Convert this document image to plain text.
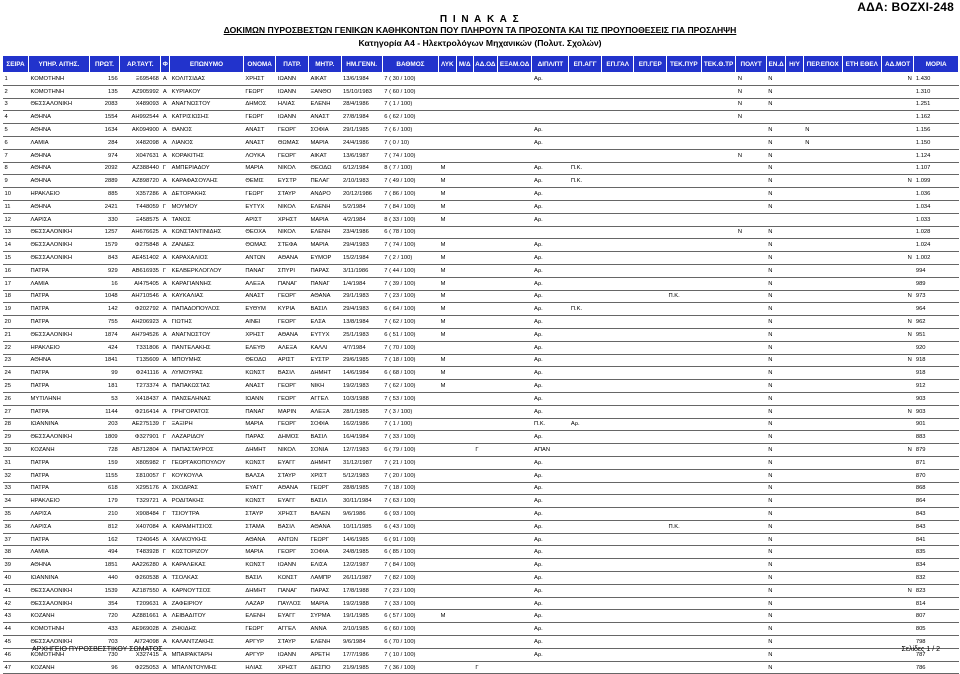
ΑΔΑ: ΒΟΖΧΙ-248
Π Ι Ν Α Κ Α Σ
ΔΟΚΙΜΩΝ ΠΥΡΟΣΒΕΣΤΩΝ ΓΕΝΙΚΩΝ ΚΑΘΗΚΟΝΤΩΝ ΠΟΥ ΠΛΗΡΟΥΝ ΤΑ ΠΡΟΣΟΝΤΑ ΚΑΙ ΤΙΣ ΠΡΟΥΠΟΘΕΣΕΙΣ ΓΙΑ ΠΡΟΣΛΗΨΗ
Κατηγορία Α4 - Ηλεκτρολόγων Μηχανικών (Πολυτ. Σχολών)
ΣΕΙΡΑ	ΥΠΗΡ. ΑΙΤΗΣ.	ΠΡΩΤ.	ΑΡ.ΤΑΥΤ.	Φ	ΕΠΩΝΥΜΟ	ΟΝΟΜΑ	ΠΑΤΡ.	ΜΗΤΡ.	ΗΜ.ΓΕΝΝ.	ΒΑΘΜΟΣ	ΛΥΚ	Μ/Δ	ΑΔ.ΟΔ	ΕΞΑΜ.ΟΔ	ΔΙΠΛ/ΠΤ	ΕΠ.ΑΓΓ	ΕΠ.ΓΑΛ	ΕΠ.ΓΕΡ	ΤΕΚ.ΠΥΡ	ΤΕΚ.Θ.ΤΡ	ΠΟΛΥΤ	ΕΝ.Δ	Η/Υ	ΠΕΡ.ΕΠΟΧ	ΕΤΗ ΕΘΕΛ	ΑΔ.ΜΟΤ	ΜΟΡΙΑ
1	ΚΟΜΟΤΗΝΗ	156	Ξ695468	Α	ΚΟΛΙΤΣΙΔΑΣ	ΧΡΗΣΤ	ΙΩΑΝΝ	ΑΙΚΑΤ	13/6/1984	7 ( 30 / 100)					Αρ.						Ν	Ν				Ν	1.430
2	ΚΟΜΟΤΗΝΗ	135	ΑΖ905992	Α	ΚΥΡΙΑΚΟΥ	ΓΕΩΡΓ	ΙΩΑΝΝ	ΞΑΝΘΟ	15/10/1983	7 ( 60 / 100)											Ν	Ν					1.310
3	ΘΕΣΣΑΛΟΝΙΚΗ	2083	Χ489093	Α	ΑΝΑΓΝΩΣΤΟΥ	ΔΗΜΟΣ	ΗΛΙΑΣ	ΕΛΕΝΗ	28/4/1986	7 ( 1 / 100)											Ν	Ν					1.251
4	ΑΘΗΝΑ	1554	ΑΗ992544	Α	ΚΑΤΡΙΣΙΩΣΗΣ	ΓΕΩΡΓ	ΙΩΑΝΝ	ΑΝΑΣΤ	27/8/1984	6 ( 62 / 100)											Ν						1.162
5	ΑΘΗΝΑ	1634	ΑΚ094900	Α	ΘΑΝΟΣ	ΑΝΑΣΤ	ΓΕΩΡΓ	ΣΟΦΙΑ	29/1/1985	7 ( 6 / 100)					Αρ.							Ν		Ν			1.156
6	ΛΑΜΙΑ	284	Χ482098	Α	ΛΙΑΝΟΣ	ΑΝΑΣΤ	ΘΩΜΑΣ	ΜΑΡΙΑ	24/4/1986	7 ( 0 / 10)					Αρ.							Ν		Ν			1.150
7	ΑΘΗΝΑ	974	Χ047631	Α	ΚΟΡΑΚΙΤΗΣ	ΛΟΥΚΑ	ΓΕΩΡΓ	ΑΙΚΑΤ	13/6/1987	7 ( 74 / 100)											Ν	Ν					1.124
8	ΑΘΗΝΑ	2092	ΑΖ388440	Γ	ΑΜΠΕΡΙΑΔΟΥ	ΜΑΡΙΑ	ΝΙΚΟΛ	ΘΕΟΔΩ	6/12/1984	8 ( 7 / 100)	Μ				Αρ.	Π.Κ.						Ν					1.107
9	ΑΘΗΝΑ	2889	ΑΖ898720	Α	ΚΑΡΑΦΑΣΟΥΛΗΣ	ΘΕΜΙΣ	ΕΥΣΤΡ	ΠΕΛΑΓ	2/10/1983	7 ( 49 / 100)	Μ				Αρ.	Π.Κ.						Ν				Ν	1.099
10	ΗΡΑΚΛΕΙΟ	885	Χ357286	Α	ΔΕΤΟΡΑΚΗΣ	ΓΕΩΡΓ	ΣΤΑΥΡ	ΑΝΔΡΟ	20/12/1986	7 ( 86 / 100)	Μ				Αρ.							Ν					1.036
11	ΑΘΗΝΑ	2421	Τ448059	Γ	ΜΟΥΜΟΥ	ΕΥΤΥΧ	ΝΙΚΟΛ	ΕΛΕΝΗ	5/2/1984	7 ( 84 / 100)	Μ				Αρ.							Ν					1.034
12	ΛΑΡΙΣΑ	330	Ξ458575	Α	ΤΑΝΟΣ	ΑΡΙΣΤ	ΧΡΗΣΤ	ΜΑΡΙΑ	4/2/1984	8 ( 33 / 100)	Μ				Αρ.												1.033
13	ΘΕΣΣΑΛΟΝΙΚΗ	1257	ΑΗ676625	Α	ΚΩΝΣΤΑΝΤΙΝΙΔΗΣ	ΘΕΟΧΑ	ΝΙΚΟΛ	ΕΛΕΝΗ	23/4/1986	6 ( 78 / 100)											Ν	Ν					1.028
14	ΘΕΣΣΑΛΟΝΙΚΗ	1579	Φ275848	Α	ΖΑΝΔΕΣ	ΘΩΜΑΣ	ΣΤΕΦΑ	ΜΑΡΙΑ	29/4/1983	7 ( 74 / 100)	Μ				Αρ.							Ν					1.024
15	ΘΕΣΣΑΛΟΝΙΚΗ	843	ΑΕ451402	Α	ΚΑΡΑΧΑΛΙΟΣ	ΑΝΤΩΝ	ΑΘΑΝΑ	ΕΥΜΟΡ	15/2/1984	7 ( 2 / 100)	Μ				Αρ.							Ν				Ν	1.002
16	ΠΑΤΡΑ	929	ΑΒ616935	Γ	ΚΕΛΒΕΡΚΛΟΓΛΟΥ	ΠΑΝΑΓ	ΣΠΥΡΙ	ΠΑΡΑΣ	3/11/1986	7 ( 44 / 100)	Μ				Αρ.							Ν					994
17	ΛΑΜΙΑ	16	ΑΙ475405	Α	ΚΑΡΑΓΙΑΝΝΗΣ	ΑΛΕΞΑ	ΠΑΝΑΓ	ΠΑΝΑΓ	1/4/1984	7 ( 39 / 100)	Μ				Αρ.							Ν					989
18	ΠΑΤΡΑ	1048	ΑΗ710546	Α	ΚΑΥΚΑΛΙΑΣ	ΑΝΑΣΤ	ΓΕΩΡΓ	ΑΘΑΝΑ	29/1/1983	7 ( 23 / 100)	Μ				Αρ.				Π.Κ.			Ν				Ν	973
19	ΠΑΤΡΑ	142	Φ202792	Α	ΠΑΠΑΔΟΠΟΥΛΟΣ	ΕΥΘΥΜ	ΚΥΡΙΑ	ΒΑΣΙΛ	29/4/1983	6 ( 64 / 100)	Μ				Αρ.	Π.Κ.						Ν					964
20	ΠΑΤΡΑ	755	ΑΗ206923	Α	ΓΙΩΤΗΣ	ΑΙΝΕΙ	ΓΕΩΡΓ	ΕΛΣΑ	13/8/1984	7 ( 62 / 100)	Μ				Αρ.							Ν				Ν	962
21	ΘΕΣΣΑΛΟΝΙΚΗ	1874	ΑΗ794526	Α	ΑΝΑΓΝΩΣΤΟΥ	ΧΡΗΣΤ	ΑΘΑΝΑ	ΕΥΤΥΧ	25/1/1983	6 ( 51 / 100)	Μ				Αρ.							Ν				Ν	951
22	ΗΡΑΚΛΕΙΟ	424	Τ331806	Α	ΠΑΝΤΕΛΑΚΗΣ	ΕΛΕΥΘ	ΑΛΕΞΑ	ΚΑΛΛΙ	4/7/1984	7 ( 70 / 100)					Αρ.							Ν					920
23	ΑΘΗΝΑ	1841	Τ135609	Α	ΜΠΟΥΜΗΣ	ΘΕΟΔΩ	ΑΡΙΣΤ	ΕΥΣΤΡ	29/6/1985	7 ( 18 / 100)	Μ				Αρ.							Ν				Ν	918
24	ΠΑΤΡΑ	99	Φ241116	Α	ΛΥΜΟΥΡΑΣ	ΚΩΝΣΤ	ΒΑΣΙΛ	ΔΗΜΗΤ	14/6/1984	6 ( 68 / 100)	Μ				Αρ.							Ν					918
25	ΠΑΤΡΑ	181	Τ273374	Α	ΠΑΠΑΚΩΣΤΑΣ	ΑΝΑΣΤ	ΓΕΩΡΓ	ΝΙΚΗ	19/2/1983	7 ( 62 / 100)	Μ				Αρ.							Ν					912
26	ΜΥΤΙΛΗΝΗ	53	Χ418437	Α	ΠΑΝΣΕΛΗΝΑΣ	ΙΩΑΝΝ	ΓΕΩΡΓ	ΑΓΓΕΛ	10/3/1988	7 ( 53 / 100)					Αρ.							Ν					903
27	ΠΑΤΡΑ	1144	Φ216414	Α	ΓΡΗΓΟΡΑΤΟΣ	ΠΑΝΑΓ	ΜΑΡΙΝ	ΑΛΕΞΑ	28/1/1985	7 ( 3 / 100)					Αρ.							Ν				Ν	903
28	ΙΩΑΝΝΙΝΑ	203	ΑΕ275139	Γ	ΞΑΞΙΡΗ	ΜΑΡΙΑ	ΓΕΩΡΓ	ΣΟΦΙΑ	16/2/1986	7 ( 1 / 100)					Π.Κ.	Αρ.						Ν					901
29	ΘΕΣΣΑΛΟΝΙΚΗ	1809	Φ327901	Γ	ΛΑΖΑΡΙΔΟΥ	ΠΑΡΑΣ	ΔΗΜΟΣ	ΒΑΣΙΛ	16/4/1984	7 ( 33 / 100)					Αρ.							Ν					883
30	ΚΟΖΑΝΗ	728	ΑΒ712804	Α	ΠΑΠΑΣΤΑΥΡΟΣ	ΔΗΜΗΤ	ΝΙΚΟΛ	ΣΟΝΙΑ	12/7/1983	6 ( 79 / 100)			Γ		ΑΠΑΝ							Ν				Ν	879
31	ΠΑΤΡΑ	159	Χ805982	Γ	ΓΕΩΡΓΑΚΟΠΟΥΛΟΥ	ΚΩΝΣΤ	ΕΥΑΓΓ	ΔΗΜΗΤ	31/12/1987	7 ( 21 / 100)					Αρ.							Ν					871
32	ΠΑΤΡΑ	1155	Σ810057	Γ	ΚΟΥΚΟΥΛΑ	ΒΑΛΣΑ	ΣΤΑΥΡ	ΧΡΙΣΤ	5/12/1983	7 ( 20 / 100)					Αρ.							Ν					870
33	ΠΑΤΡΑ	618	Χ295176	Α	ΣΚΟΔΡΑΣ	ΕΥΑΓΓ	ΑΘΑΝΑ	ΓΕΩΡΓ	28/8/1985	7 ( 18 / 100)					Αρ.							Ν					868
34	ΗΡΑΚΛΕΙΟ	179	Τ329721	Α	ΡΟΔΙΤΑΚΗΣ	ΚΩΝΣΤ	ΕΥΑΓΓ	ΒΑΣΙΛ	30/11/1984	7 ( 63 / 100)					Αρ.							Ν					864
35	ΛΑΡΙΣΑ	210	Χ908484	Γ	ΤΣΙΟΥΤΡΑ	ΣΤΑΥΡ	ΧΡΗΣΤ	ΒΑΛΕΝ	9/6/1986	6 ( 93 / 100)					Αρ.							Ν					843
36	ΛΑΡΙΣΑ	812	Χ407084	Α	ΚΑΡΑΜΗΤΣΙΟΣ	ΣΤΑΜΑ	ΒΑΣΙΛ	ΑΘΑΝΑ	10/11/1985	6 ( 43 / 100)					Αρ.				Π.Κ.			Ν					843
37	ΠΑΤΡΑ	162	Τ240645	Α	ΧΑΛΚΟΥΚΗΣ	ΑΘΑΝΑ	ΑΝΤΩΝ	ΓΕΩΡΓ	14/6/1985	6 ( 91 / 100)					Αρ.							Ν					841
38	ΛΑΜΙΑ	494	Τ483928	Γ	ΚΩΣΤΟΡΙΖΟΥ	ΜΑΡΙΑ	ΓΕΩΡΓ	ΣΟΦΙΑ	24/8/1985	6 ( 85 / 100)					Αρ.							Ν					835
39	ΑΘΗΝΑ	1851	ΑΑ226280	Α	ΚΑΡΑΛΕΚΑΣ	ΚΩΝΣΤ	ΙΩΑΝΝ	ΕΛΙΣΑ	12/2/1987	7 ( 84 / 100)					Αρ.							Ν					834
40	ΙΩΑΝΝΙΝΑ	440	Φ260538	Α	ΤΣΟΛΚΑΣ	ΒΑΣΙΛ	ΚΩΝΣΤ	ΛΑΜΠΡ	26/11/1987	7 ( 82 / 100)					Αρ.							Ν					832
41	ΘΕΣΣΑΛΟΝΙΚΗ	1539	ΑΖ187550	Α	ΚΑΡΝΟΥΤΣΟΣ	ΔΗΜΗΤ	ΠΑΝΑΓ	ΠΑΡΑΣ	17/8/1988	7 ( 23 / 100)					Αρ.							Ν				Ν	823
42	ΘΕΣΣΑΛΟΝΙΚΗ	354	Τ209631	Α	ΖΑΦΕΙΡΙΟΥ	ΛΑΖΑΡ	ΠΑΥΛΟΣ	ΜΑΡΙΑ	19/2/1988	7 ( 33 / 100)					Αρ.							Ν					814
43	ΚΟΖΑΝΗ	720	ΑΖ881661	Α	ΛΕΙΒΑΔΙΤΟΥ	ΕΛΕΝΗ	ΕΥΑΓΓ	ΣΥΡΜΑ	19/1/1985	6 ( 57 / 100)	Μ				Αρ.							Ν					807
44	ΚΟΜΟΤΗΝΗ	433	ΑΕ969028	Α	ΖΗΚΙΔΗΣ	ΓΕΩΡΓ	ΑΓΓΕΛ	ΑΝΝΑ	2/10/1985	6 ( 60 / 100)					Αρ.							Ν					805
45	ΘΕΣΣΑΛΟΝΙΚΗ	703	ΑΙ724098	Α	ΚΑΛΑΝΤΖΑΚΗΣ	ΑΡΓΥΡ	ΣΤΑΥΡ	ΕΛΕΝΗ	9/6/1984	6 ( 70 / 100)					Αρ.							Ν					798
46	ΚΟΜΟΤΗΝΗ	730	Χ327415	Α	ΜΠΑΙΡΑΚΤΑΡΗ	ΑΡΓΥΡ	ΙΩΑΝΝ	ΑΡΕΤΗ	17/7/1986	7 ( 10 / 100)					Αρ.							Ν					787
47	ΚΟΖΑΝΗ	96	Φ225053	Α	ΜΠΑΛΝΤΟΥΜΗΣ	ΗΛΙΑΣ	ΧΡΗΣΤ	ΔΕΣΠΟ	21/9/1985	7 ( 36 / 100)			Γ									Ν					786
ΑΡΧΗΓΕΙΟ ΠΥΡΟΣΒΕΣΤΙΚΟΥ ΣΩΜΑΤΟΣ	Σελίδες 1 / 2
